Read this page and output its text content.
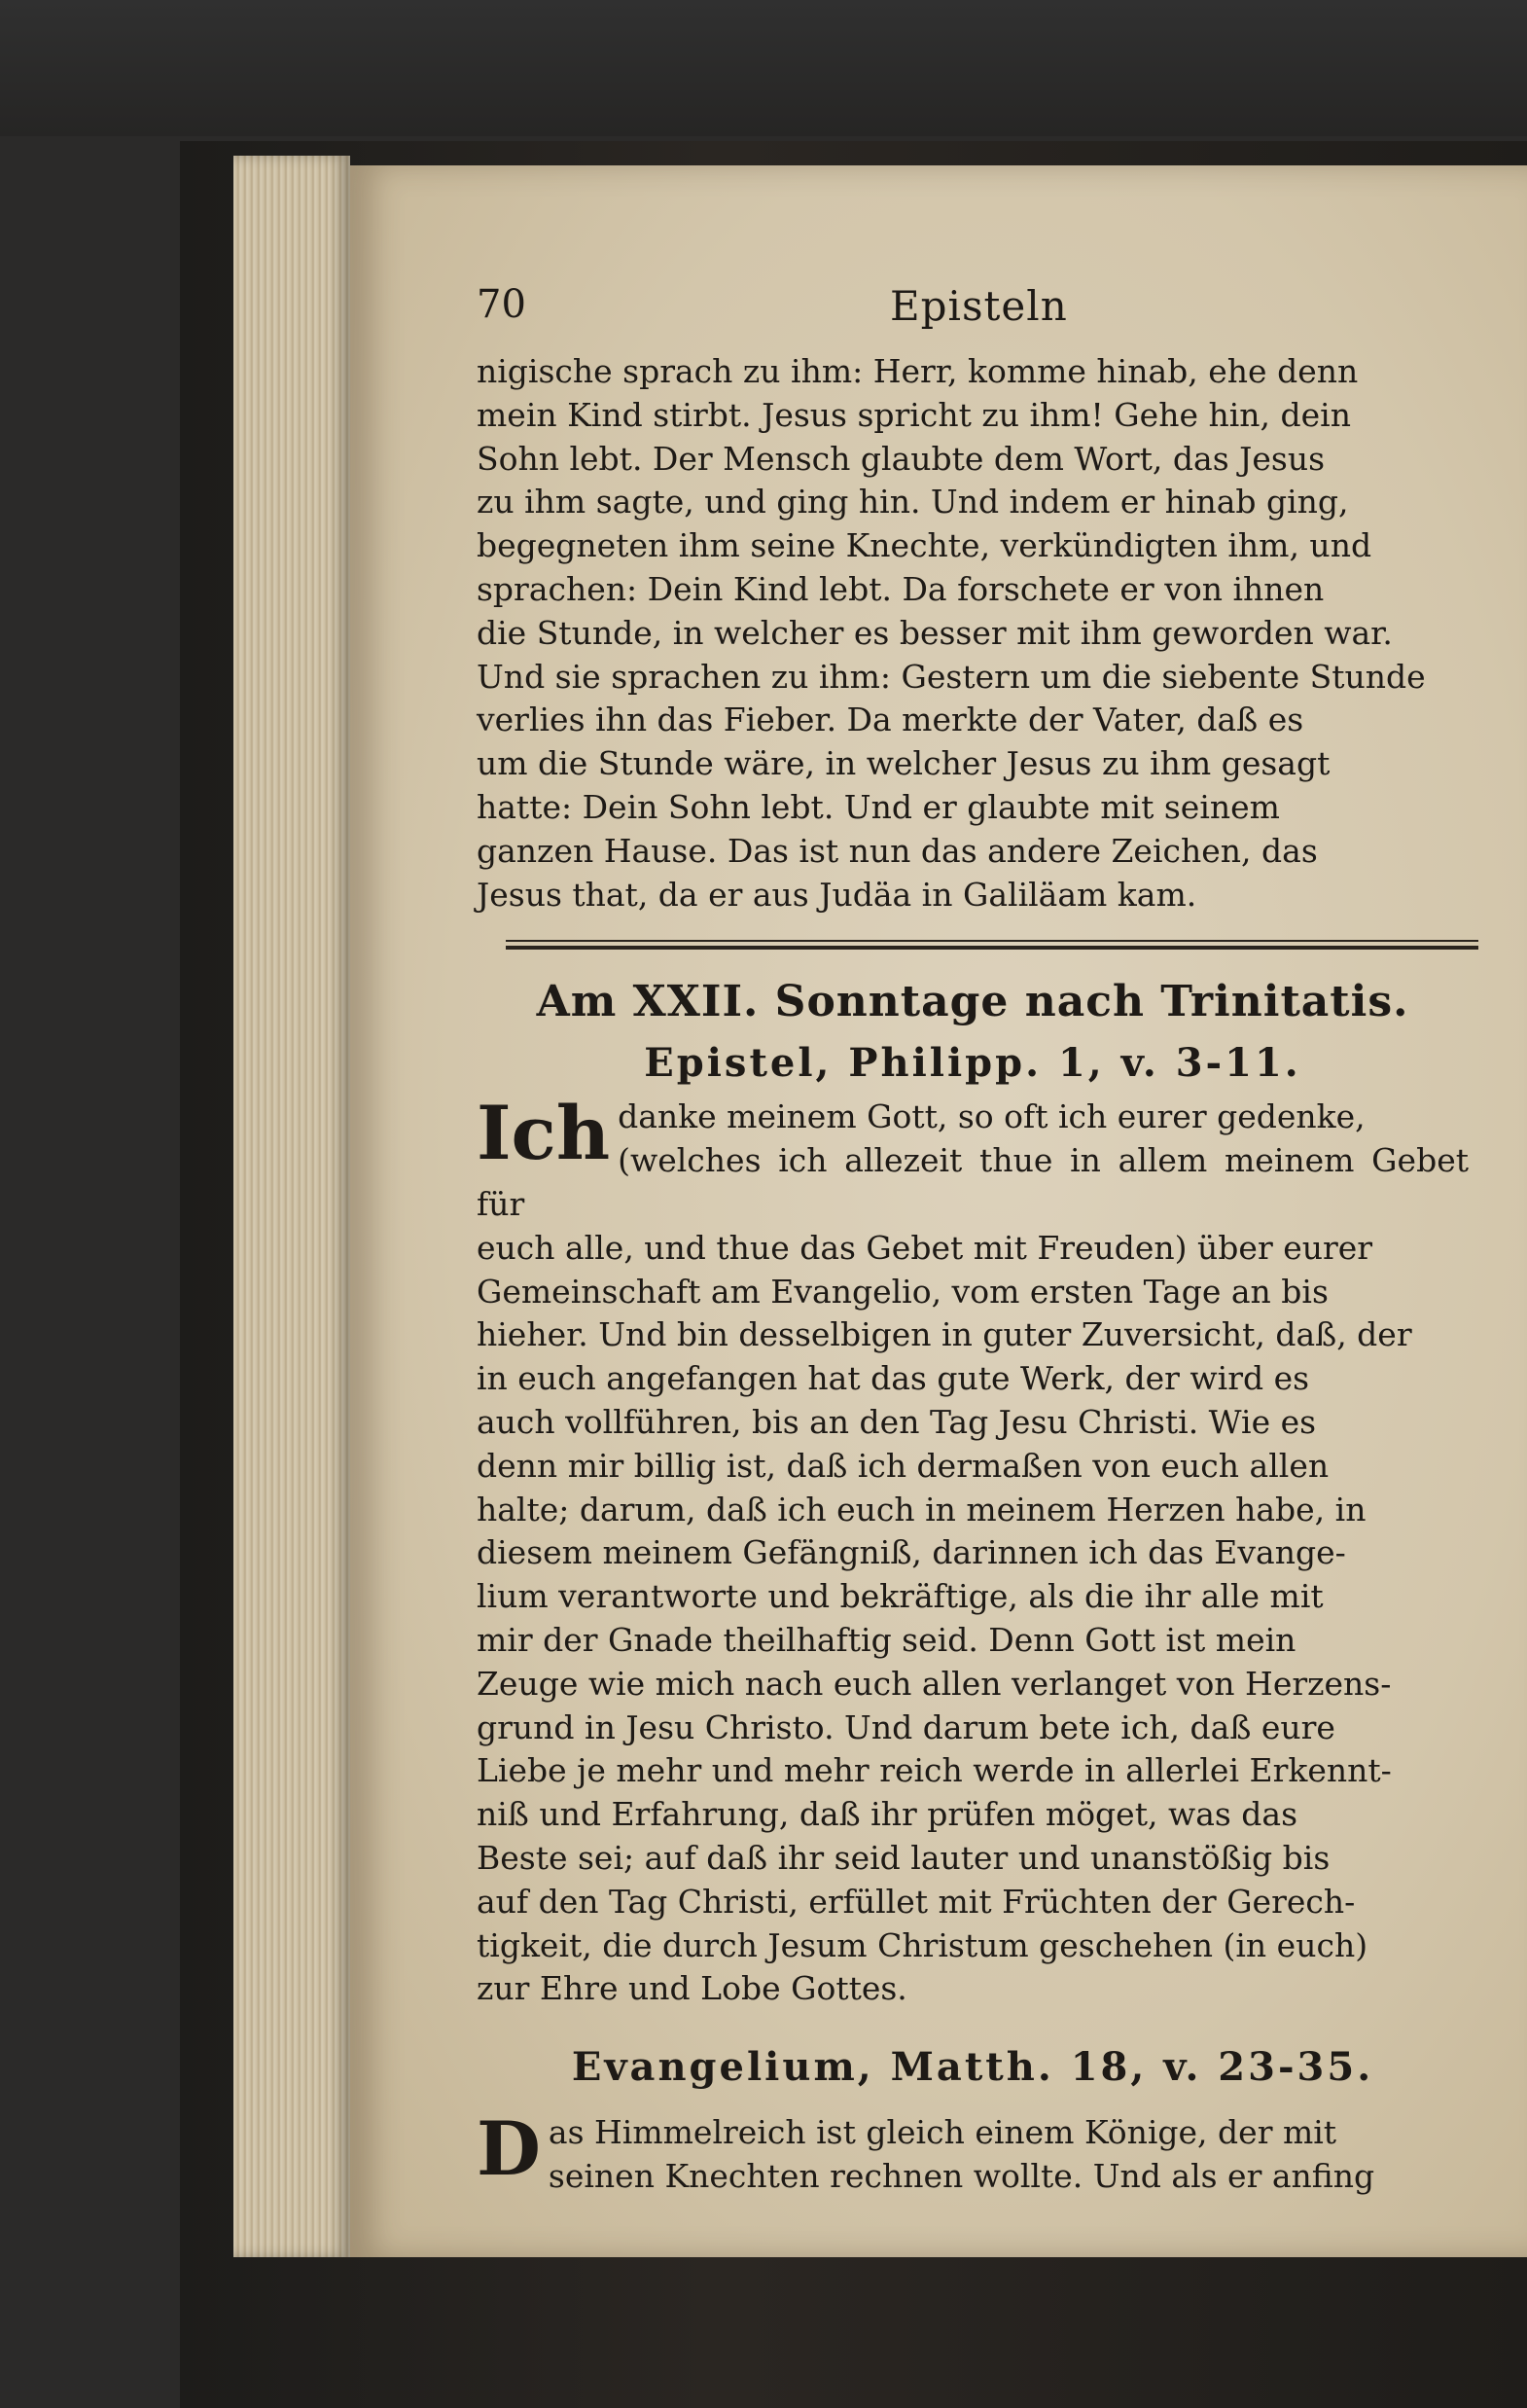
70	Episteln

nigische sprach zu ihm: Herr, komme hinab, ehe denn
mein Kind stirbt. Jesus spricht zu ihm! Gehe hin, dein
Sohn lebt. Der Mensch glaubte dem Wort, das Jesus
zu ihm sagte, und ging hin. Und indem er hinab ging,
begegneten ihm seine Knechte, verkündigten ihm, und
sprachen: Dein Kind lebt. Da forschete er von ihnen
die Stunde, in welcher es besser mit ihm geworden war.
Und sie sprachen zu ihm: Gestern um die siebente Stunde
verlies ihn das Fieber. Da merkte der Vater, daß es
um die Stunde wäre, in welcher Jesus zu ihm gesagt
hatte: Dein Sohn lebt. Und er glaubte mit seinem
ganzen Hause. Das ist nun das andere Zeichen, das
Jesus that, da er aus Judäa in Galiläam kam.

Am XXII. Sonntage nach Trinitatis.
Epistel, Philipp. 1, v. 3-11.

Ich danke meinem Gott, so oft ich eurer gedenke,
(welches ich allezeit thue in allem meinem Gebet für
euch alle, und thue das Gebet mit Freuden) über eurer
Gemeinschaft am Evangelio, vom ersten Tage an bis
hieher. Und bin desselbigen in guter Zuversicht, daß, der
in euch angefangen hat das gute Werk, der wird es
auch vollführen, bis an den Tag Jesu Christi. Wie es
denn mir billig ist, daß ich dermaßen von euch allen
halte; darum, daß ich euch in meinem Herzen habe, in
diesem meinem Gefängniß, darinnen ich das Evange-
lium verantworte und bekräftige, als die ihr alle mit
mir der Gnade theilhaftig seid. Denn Gott ist mein
Zeuge wie mich nach euch allen verlanget von Herzens-
grund in Jesu Christo. Und darum bete ich, daß eure
Liebe je mehr und mehr reich werde in allerlei Erkennt-
niß und Erfahrung, daß ihr prüfen möget, was das
Beste sei; auf daß ihr seid lauter und unanstößig bis
auf den Tag Christi, erfüllet mit Früchten der Gerech-
tigkeit, die durch Jesum Christum geschehen (in euch)
zur Ehre und Lobe Gottes.

Evangelium, Matth. 18, v. 23-35.

Das Himmelreich ist gleich einem Könige, der mit
seinen Knechten rechnen wollte. Und als er anfing
